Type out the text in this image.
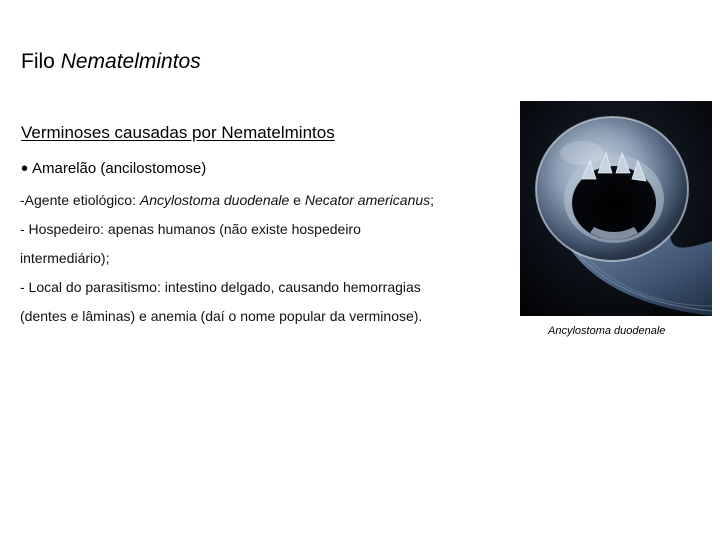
Filo Nematelmintos
Verminoses causadas por Nematelmintos
• Amarelão (ancilostomose)

-Agente etiológico: Ancylostoma duodenale e Necator americanus;

- Hospedeiro: apenas humanos (não existe hospedeiro intermediário);

- Local do parasitismo: intestino delgado, causando hemorragias (dentes e lâminas) e anemia (daí o nome popular da verminose).

Ancylostoma duodenale
